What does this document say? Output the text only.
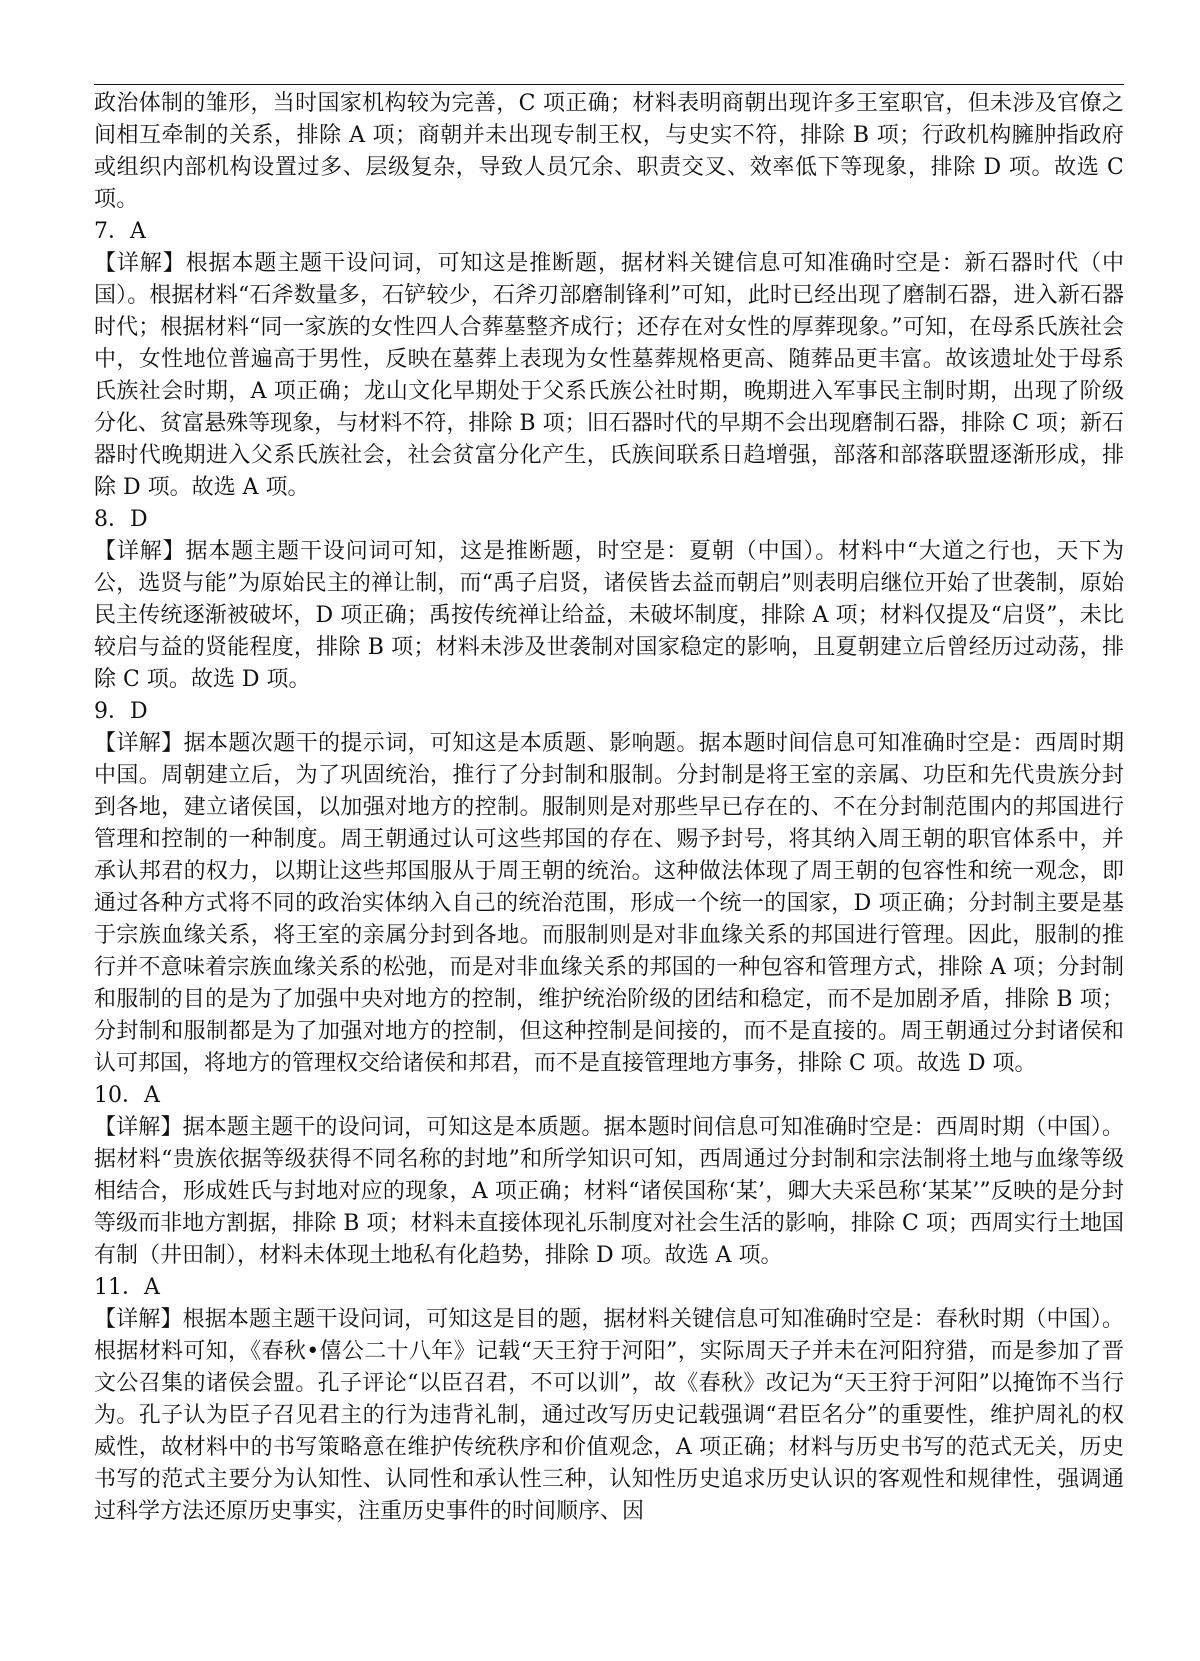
政治体制的雏形，当时国家机构较为完善，C 项正确；材料表明商朝出现许多王室职官，但未涉及官僚之间相互牵制的关系，排除 A 项；商朝并未出现专制王权，与史实不符，排除 B 项；行政机构臃肿指政府或组织内部机构设置过多、层级复杂，导致人员冗余、职责交叉、效率低下等现象，排除 D 项。故选 C 项。

7．A

【详解】根据本题主题干设问词，可知这是推断题，据材料关键信息可知准确时空是：新石器时代（中国）。根据材料“石斧数量多，石铲较少，石斧刃部磨制锋利”可知，此时已经出现了磨制石器，进入新石器时代；根据材料“同一家族的女性四人合葬墓整齐成行；还存在对女性的厚葬现象。”可知，在母系氏族社会中，女性地位普遍高于男性，反映在墓葬上表现为女性墓葬规格更高、随葬品更丰富。故该遗址处于母系氏族社会时期，A 项正确；龙山文化早期处于父系氏族公社时期，晚期进入军事民主制时期，出现了阶级分化、贫富悬殊等现象，与材料不符，排除 B 项；旧石器时代的早期不会出现磨制石器，排除 C 项；新石器时代晚期进入父系氏族社会，社会贫富分化产生，氏族间联系日趋增强，部落和部落联盟逐渐形成，排除 D 项。故选 A 项。

8．D

【详解】据本题主题干设问词可知，这是推断题，时空是：夏朝（中国）。材料中“大道之行也，天下为公，选贤与能”为原始民主的禅让制，而“禹子启贤，诸侯皆去益而朝启”则表明启继位开始了世袭制，原始民主传统逐渐被破坏，D 项正确；禹按传统禅让给益，未破坏制度，排除 A 项；材料仅提及“启贤”，未比较启与益的贤能程度，排除 B 项；材料未涉及世袭制对国家稳定的影响，且夏朝建立后曾经历过动荡，排除 C 项。故选 D 项。

9．D

【详解】据本题次题干的提示词，可知这是本质题、影响题。据本题时间信息可知准确时空是：西周时期中国。周朝建立后，为了巩固统治，推行了分封制和服制。分封制是将王室的亲属、功臣和先代贵族分封到各地，建立诸侯国，以加强对地方的控制。服制则是对那些早已存在的、不在分封制范围内的邦国进行管理和控制的一种制度。周王朝通过认可这些邦国的存在、赐予封号，将其纳入周王朝的职官体系中，并承认邦君的权力，以期让这些邦国服从于周王朝的统治。这种做法体现了周王朝的包容性和统一观念，即通过各种方式将不同的政治实体纳入自己的统治范围，形成一个统一的国家，D 项正确；分封制主要是基于宗族血缘关系，将王室的亲属分封到各地。而服制则是对非血缘关系的邦国进行管理。因此，服制的推行并不意味着宗族血缘关系的松弛，而是对非血缘关系的邦国的一种包容和管理方式，排除 A 项；分封制和服制的目的是为了加强中央对地方的控制，维护统治阶级的团结和稳定，而不是加剧矛盾，排除 B 项；分封制和服制都是为了加强对地方的控制，但这种控制是间接的，而不是直接的。周王朝通过分封诸侯和认可邦国，将地方的管理权交给诸侯和邦君，而不是直接管理地方事务，排除 C 项。故选 D 项。

10．A

【详解】据本题主题干的设问词，可知这是本质题。据本题时间信息可知准确时空是：西周时期（中国）。据材料“贵族依据等级获得不同名称的封地”和所学知识可知，西周通过分封制和宗法制将土地与血缘等级相结合，形成姓氏与封地对应的现象，A 项正确；材料“诸侯国称‘某’，卿大夫采邑称‘某某’”反映的是分封等级而非地方割据，排除 B 项；材料未直接体现礼乐制度对社会生活的影响，排除 C 项；西周实行土地国有制（井田制），材料未体现土地私有化趋势，排除 D 项。故选 A 项。

11．A

【详解】根据本题主题干设问词，可知这是目的题，据材料关键信息可知准确时空是：春秋时期（中国）。根据材料可知，《春秋•僖公二十八年》记载“天王狩于河阳”，实际周天子并未在河阳狩猎，而是参加了晋文公召集的诸侯会盟。孔子评论“以臣召君，不可以训”，故《春秋》改记为“天王狩于河阳”以掩饰不当行为。孔子认为臣子召见君主的行为违背礼制，通过改写历史记载强调“君臣名分”的重要性，维护周礼的权威性，故材料中的书写策略意在维护传统秩序和价值观念，A 项正确；材料与历史书写的范式无关，历史书写的范式主要分为认知性、认同性和承认性三种，认知性历史追求历史认识的客观性和规律性，强调通过科学方法还原历史事实，注重历史事件的时间顺序、因
